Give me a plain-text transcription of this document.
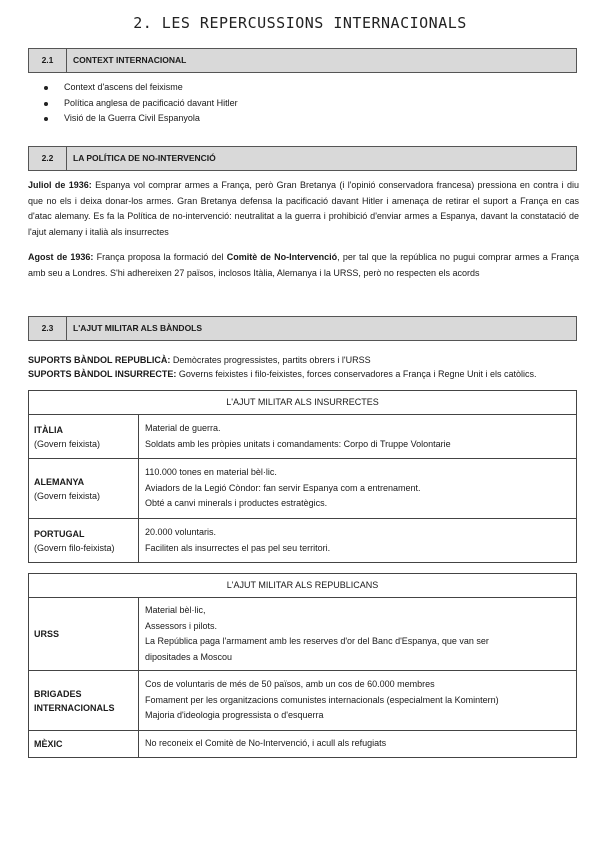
2. LES REPERCUSSIONS INTERNACIONALS
2.1	CONTEXT INTERNACIONAL
Context d'ascens del feixisme
Política anglesa de pacificació davant Hitler
Visió de la Guerra Civil Espanyola
2.2	LA POLÍTICA DE NO-INTERVENCIÓ

Juliol de 1936: Espanya vol comprar armes a França, però Gran Bretanya (i l'opinió conservadora francesa) pressiona en contra i diu que no els i deixa donar-los armes. Gran Bretanya defensa la pacificació davant Hitler i amenaça de retirar el suport a França en cas d'atac alemany. Es fa la Política de no-intervenció: neutralitat a la guerra i prohibició d'enviar armes a Espanya, davant la constatació de l'ajut alemany i italià als insurrectes

Agost de 1936: França proposa la formació del Comitè de No-Intervenció, per tal que la república no pugui comprar armes a França amb seu a Londres. S'hi adhereixen 27 països, inclosos Itàlia, Alemanya i la URSS, però no respecten els acords

2.3	L'AJUT MILITAR ALS BÀNDOLS
SUPORTS BÀNDOL REPUBLICÀ: Demòcrates progressistes, partits obrers i l'URSS
SUPORTS BÀNDOL INSURRECTE: Governs feixistes i filo-feixistes, forces conservadores a França i Regne Unit i els catòlics.
L'AJUT MILITAR ALS INSURRECTES	
ITÀLIA
(Govern feixista)	Material de guerra.
Soldats amb les pròpies unitats i comandaments: Corpo di Truppe Volontarie

ALEMANYA
(Govern feixista)	110.000 tones en material bèl·lic.
Aviadors de la Legió Còndor: fan servir Espanya com a entrenament.
Obté a canvi minerals i productes estratègics.

PORTUGAL
(Govern filo-feixista)	20.000 voluntaris.
Faciliten als insurrectes el pas pel seu territori.
L'AJUT MILITAR ALS REPUBLICANS	
URSS	Material bèl·lic,
Assessors i pilots.
La República paga l'armament amb les reserves d'or del Banc d'Espanya, que van ser
dipositades a Moscou

BRIGADES
INTERNACIONALS	Cos de voluntaris de més de 50 països, amb un cos de 60.000 membres
Fomament per les organitzacions comunistes internacionals (especialment la Komintern)
Majoria d'ideologia progressista o d'esquerra

MÈXIC	No reconeix el Comitè de No-Intervenció, i acull als refugiats
